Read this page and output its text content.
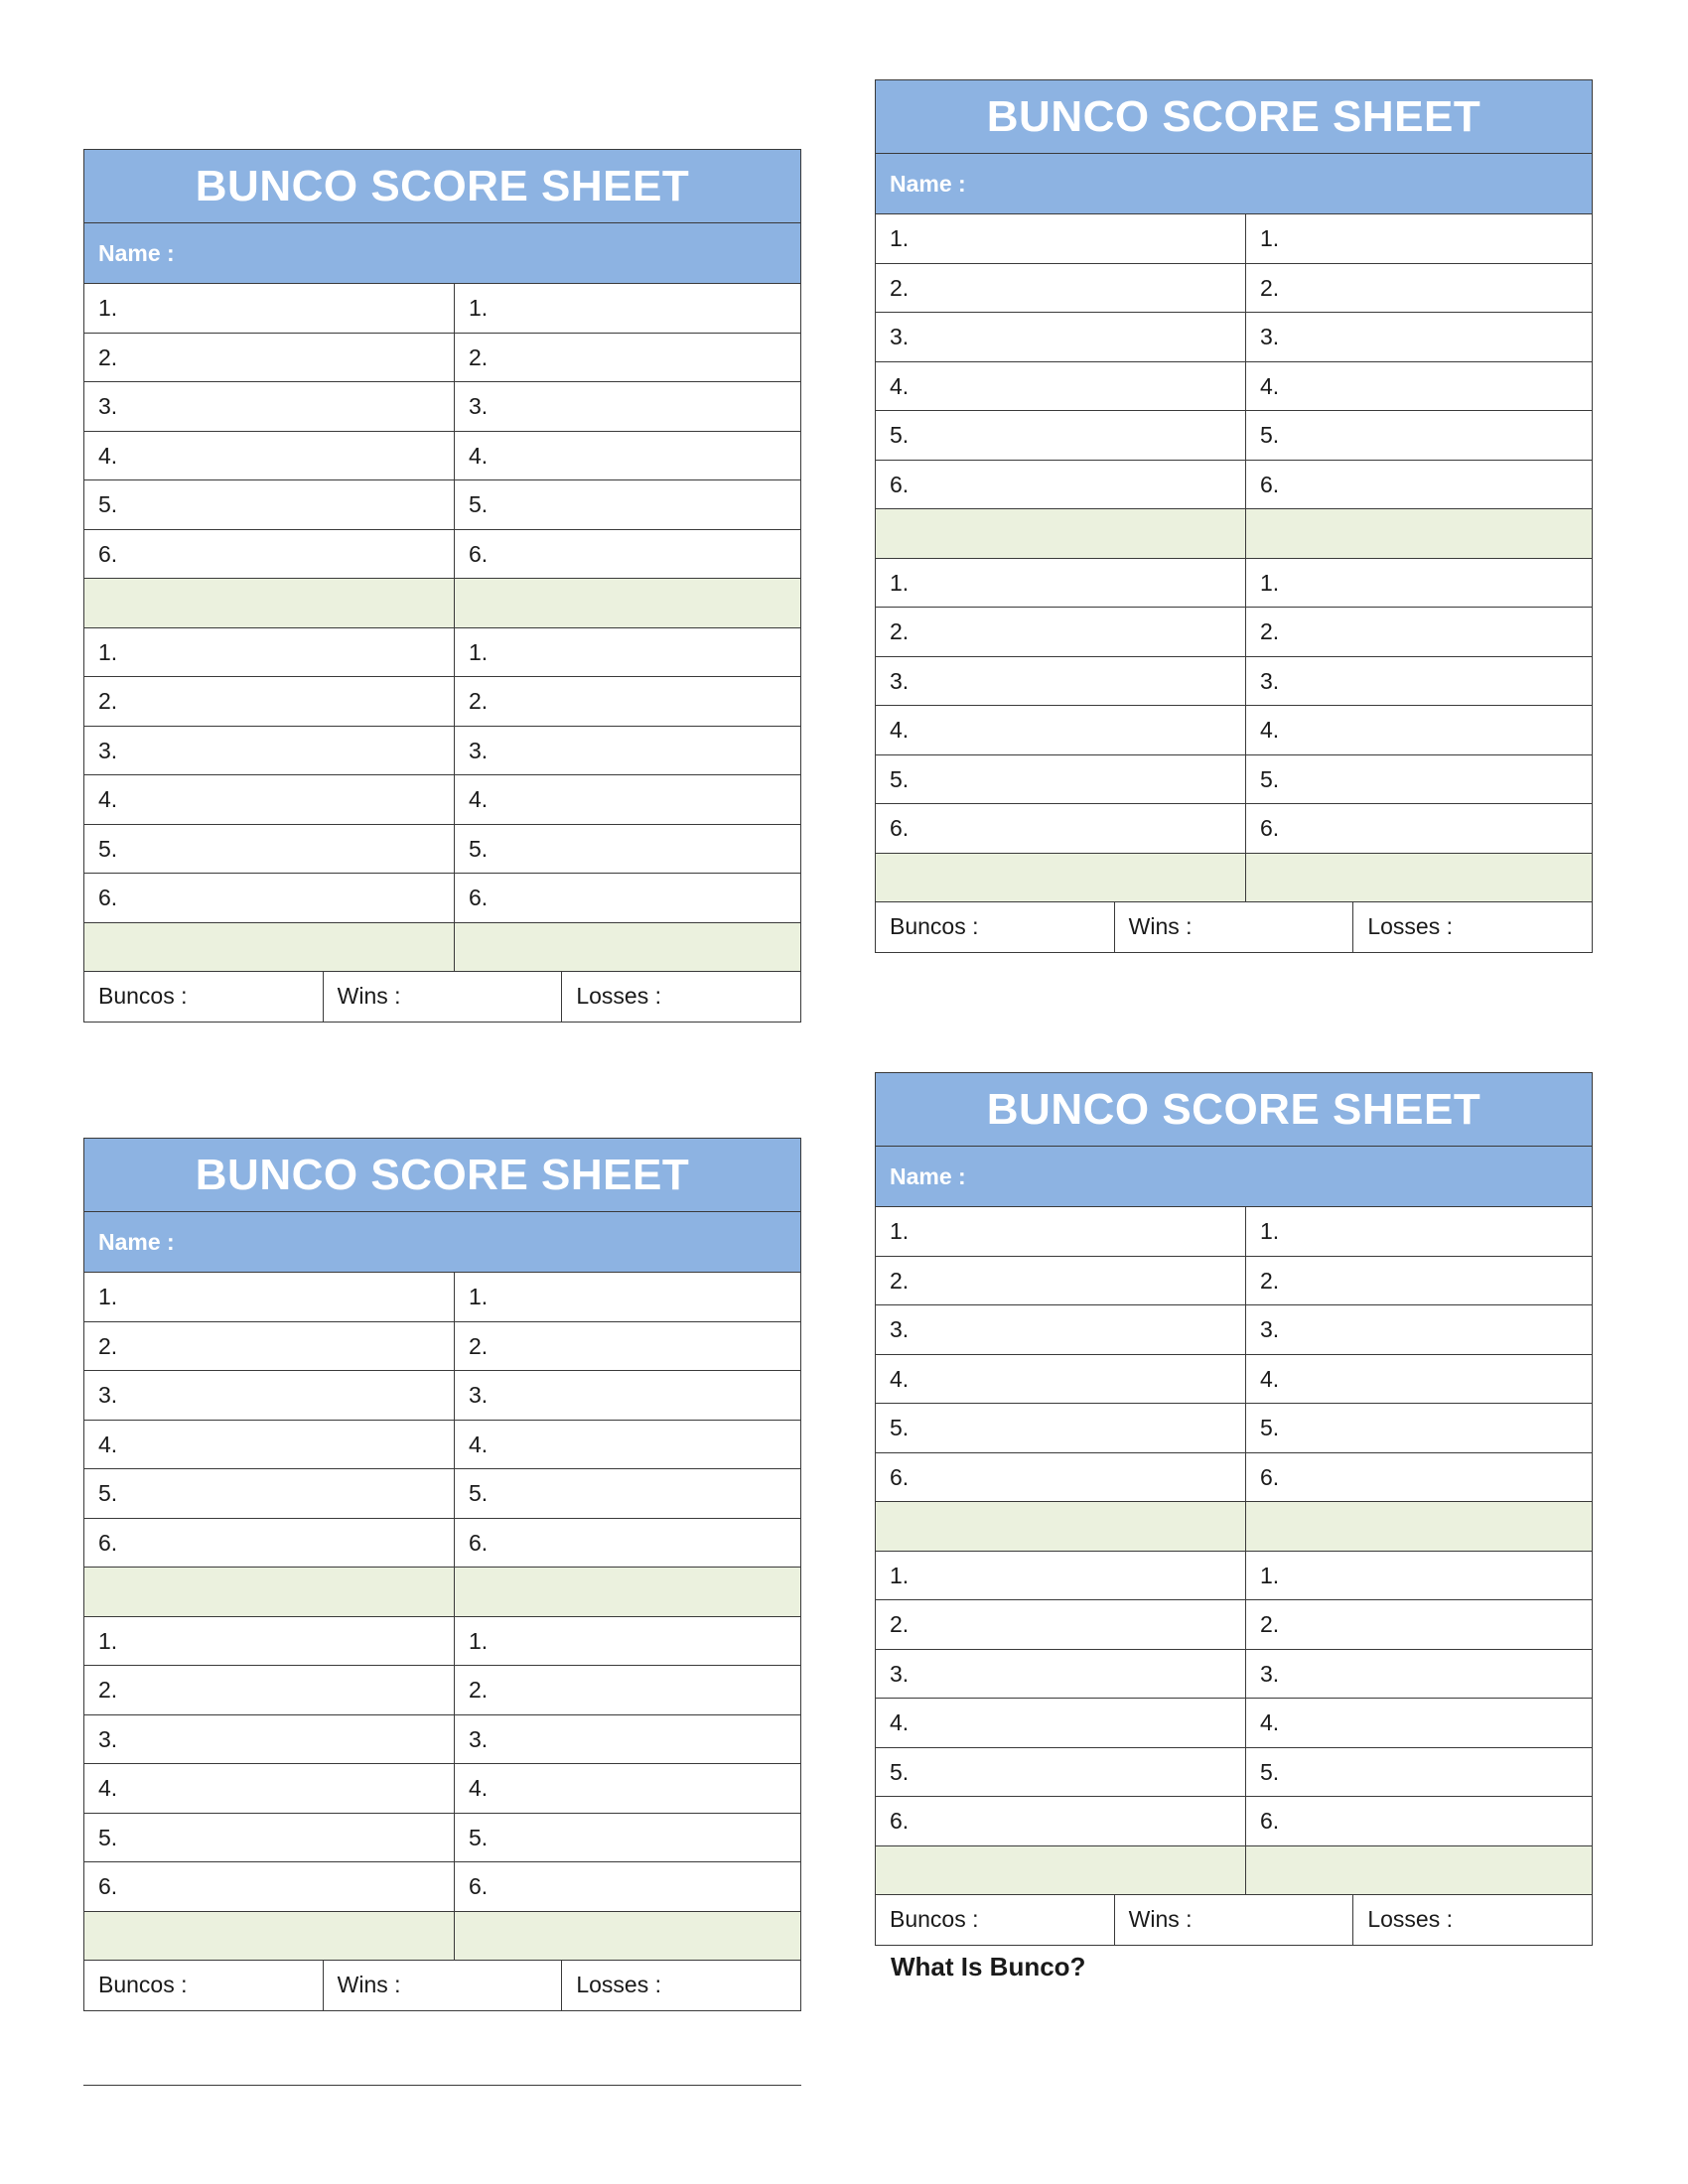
BUNCO SCORE SHEET
Name :
1.	1.
2.	2.
3.	3.
4.	4.
5.	5.
6.	6.
1.	1.
2.	2.
3.	3.
4.	4.
5.	5.
6.	6.
Buncos :	Wins :	Losses :
BUNCO SCORE SHEET
Name :
1.	1.
2.	2.
3.	3.
4.	4.
5.	5.
6.	6.
1.	1.
2.	2.
3.	3.
4.	4.
5.	5.
6.	6.
Buncos :	Wins :	Losses :
BUNCO SCORE SHEET
Name :
1.	1.
2.	2.
3.	3.
4.	4.
5.	5.
6.	6.
1.	1.
2.	2.
3.	3.
4.	4.
5.	5.
6.	6.
Buncos :	Wins :	Losses :
BUNCO SCORE SHEET
Name :
1.	1.
2.	2.
3.	3.
4.	4.
5.	5.
6.	6.
1.	1.
2.	2.
3.	3.
4.	4.
5.	5.
6.	6.
Buncos :	Wins :	Losses :
What Is Bunco?
